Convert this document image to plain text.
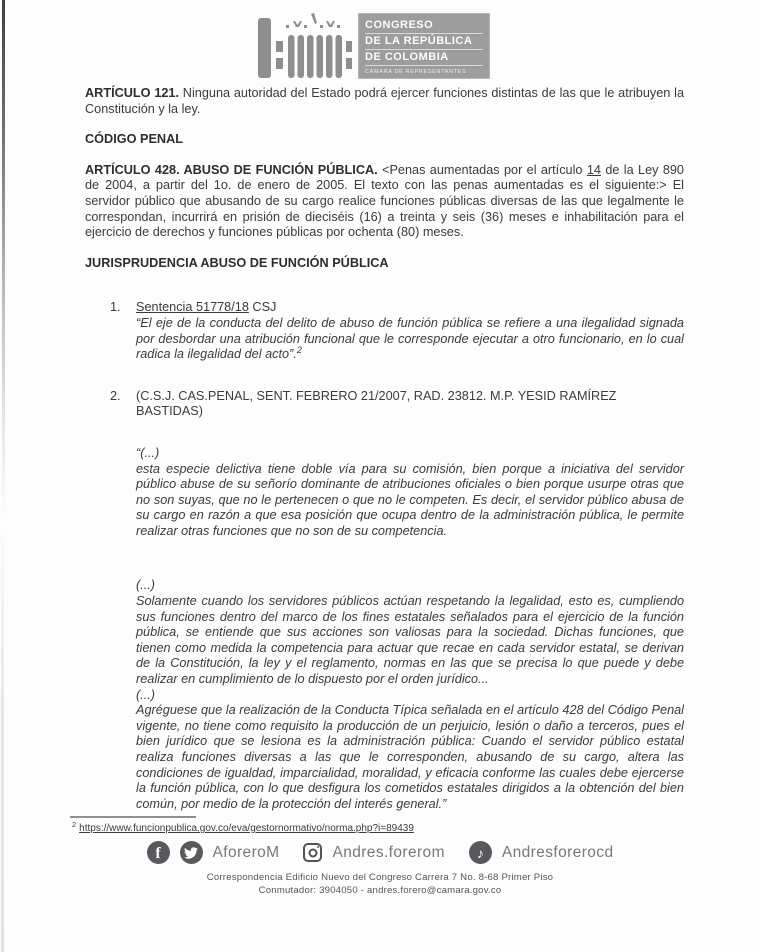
CONGRESO
DE LA REPÚBLICA
DE COLOMBIA
CÁMARA DE REPRESENTANTES

ARTÍCULO 121. Ninguna autoridad del Estado podrá ejercer funciones distintas de las que le atribuyen la Constitución y la ley.

CÓDIGO PENAL

ARTÍCULO 428. ABUSO DE FUNCIÓN PÚBLICA. <Penas aumentadas por el artículo 14 de la Ley 890 de 2004, a partir del 1o. de enero de 2005. El texto con las penas aumentadas es el siguiente:> El servidor público que abusando de su cargo realice funciones públicas diversas de las que legalmente le correspondan, incurrirá en prisión de dieciséis (16) a treinta y seis (36) meses e inhabilitación para el ejercicio de derechos y funciones públicas por ochenta (80) meses.

JURISPRUDENCIA ABUSO DE FUNCIÓN PÚBLICA

1.	Sentencia 51778/18 CSJ
“El eje de la conducta del delito de abuso de función pública se refiere a una ilegalidad signada por desbordar una atribución funcional que le corresponde ejecutar a otro funcionario, en lo cual radica la ilegalidad del acto”.$^2$
2.	(C.S.J. CAS.PENAL, SENT. FEBRERO 21/2007, RAD. 23812. M.P. YESID RAMÍREZ BASTIDAS)
“(...)
esta especie delictiva tiene doble vía para su comisión, bien porque a iniciativa del servidor público abuse de su señorío dominante de atribuciones oficiales o bien porque usurpe otras que no son suyas, que no le pertenecen o que no le competen. Es decir, el servidor público abusa de su cargo en razón a que esa posición que ocupa dentro de la administración pública, le permite realizar otras funciones que no son de su competencia.
(...)
Solamente cuando los servidores públicos actúan respetando la legalidad, esto es, cumpliendo sus funciones dentro del marco de los fines estatales señalados para el ejercicio de la función pública, se entiende que sus acciones son valiosas para la sociedad. Dichas funciones, que tienen como medida la competencia para actuar que recae en cada servidor estatal, se derivan de la Constitución, la ley y el reglamento, normas en las que se precisa lo que puede y debe realizar en cumplimiento de lo dispuesto por el orden jurídico...
(...)
Agréguese que la realización de la Conducta Típica señalada en el artículo 428 del Código Penal vigente, no tiene como requisito la producción de un perjuicio, lesión o daño a terceros, pues el bien jurídico que se lesiona es la administración pública: Cuando el servidor público estatal realiza funciones diversas a las que le corresponden, abusando de su cargo, altera las condiciones de igualdad, imparcialidad, moralidad, y eficacia conforme las cuales debe ejercerse la función pública, con lo que desfigura los cometidos estatales dirigidos a la obtención del bien común, por medio de la protección del interés general.”
$^2$ https://www.funcionpublica.gov.co/eva/gestornormativo/norma.php?i=89439
f	AforeroM	Andres.forerom ♪ Andresforerocd
Correspondencia Edificio Nuevo del Congreso Carrera 7 No. 8-68 Primer Piso
Conmutador: 3904050 - andres.forero@camara.gov.co
